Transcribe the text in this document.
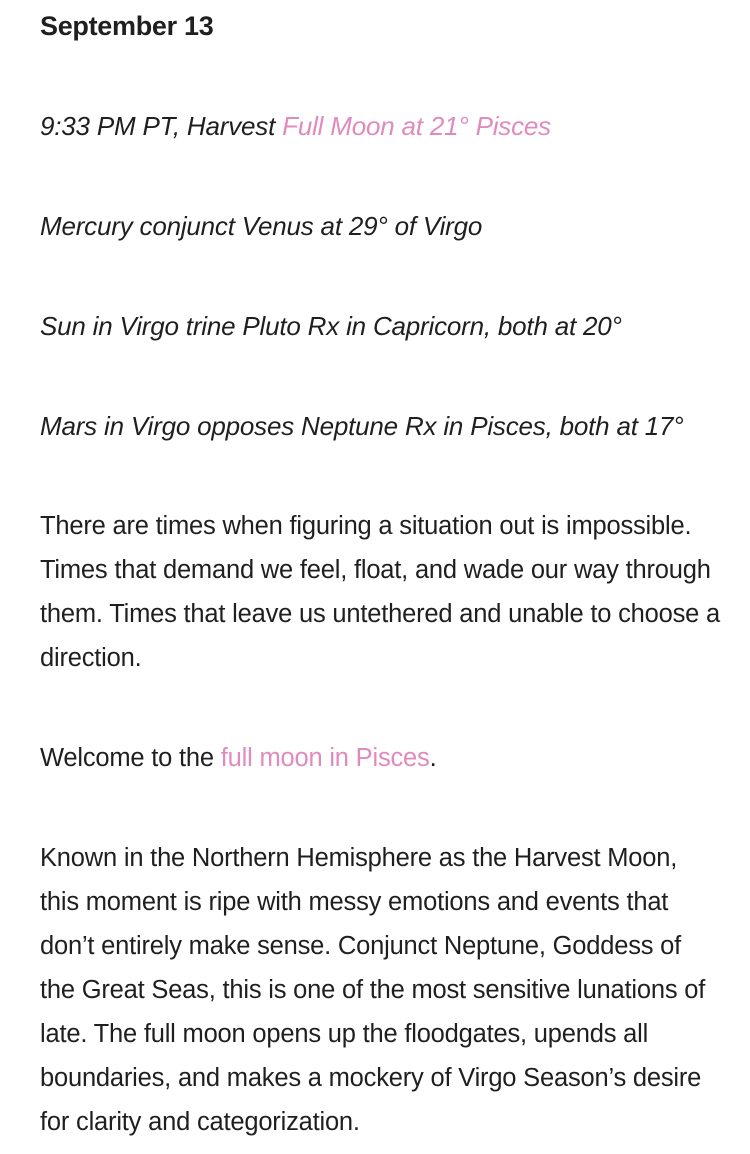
September 13

9:33 PM PT, Harvest Full Moon at 21° Pisces

Mercury conjunct Venus at 29° of Virgo

Sun in Virgo trine Pluto Rx in Capricorn, both at 20°

Mars in Virgo opposes Neptune Rx in Pisces, both at 17°

There are times when figuring a situation out is impossible. Times that demand we feel, float, and wade our way through them. Times that leave us untethered and unable to choose a direction.

Welcome to the full moon in Pisces.

Known in the Northern Hemisphere as the Harvest Moon, this moment is ripe with messy emotions and events that don’t entirely make sense. Conjunct Neptune, Goddess of the Great Seas, this is one of the most sensitive lunations of late. The full moon opens up the floodgates, upends all boundaries, and makes a mockery of Virgo Season’s desire for clarity and categorization.
